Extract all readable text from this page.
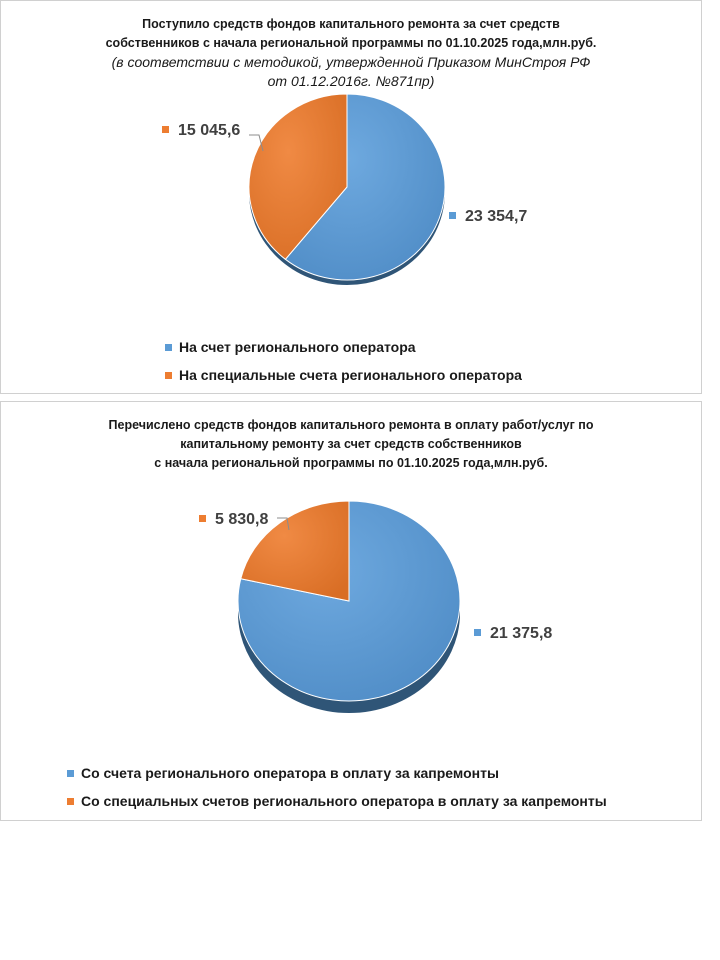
Поступило средств фондов капитального ремонта за счет средств
собственников с начала региональной программы по 01.10.2025 года,млн.руб.
(в соответствии с методикой, утвержденной Приказом МинСтроя РФ
от 01.12.2016г. №871пр)
23 354,7
15 045,6
На счет регионального оператора
На специальные счета регионального оператора
Перечислено средств фондов капитального ремонта в оплату работ/услуг по
капитальному ремонту за счет средств собственников
с начала региональной программы по 01.10.2025 года,млн.руб.
21 375,8
5 830,8
Со счета регионального оператора в оплату за капремонты
Со специальных счетов регионального оператора в оплату за капремонты
